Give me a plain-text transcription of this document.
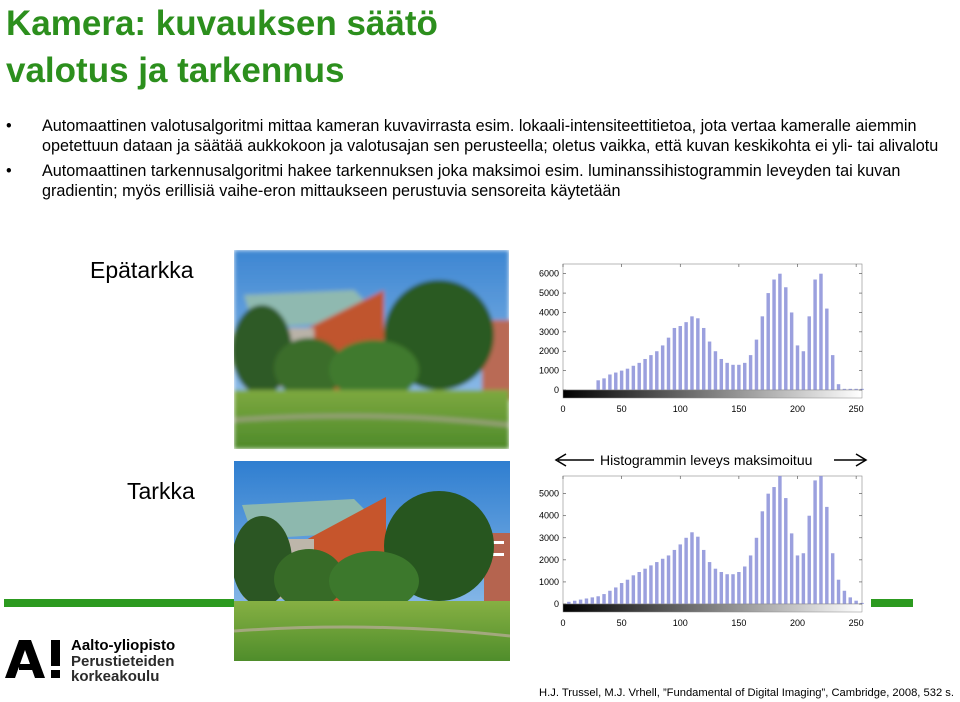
Kamera: kuvauksen säätö
valotus ja tarkennus
• Automaattinen valotusalgoritmi mittaa kameran kuvavirrasta esim. lokaali-intensiteettitietoa, jota vertaa kameralle aiemmin opetettuun dataan ja säätää aukkokoon ja valotusajan sen perusteella; oletus vaikka, että kuvan keskikohta ei yli- tai alivalotu
• Automaattinen tarkennusalgoritmi hakee tarkennuksen joka maksimoi esim. luminanssihistogrammin leveyden tai kuvan gradientin; myös erillisiä vaihe-eron mittaukseen perustuvia sensoreita käytetään
Epätarkka
Tarkka
0
1000
2000
3000
4000
5000
6000
0	50	100	150	200	250
0
1000
2000
3000
4000
5000
0	50	100	150	200	250
Histogrammin leveys maksimoituu
Aalto-yliopisto
Perustieteiden
korkeakoulu
H.J. Trussel, M.J. Vrhell, ”Fundamental of Digital Imaging”, Cambridge, 2008, 532 s.
